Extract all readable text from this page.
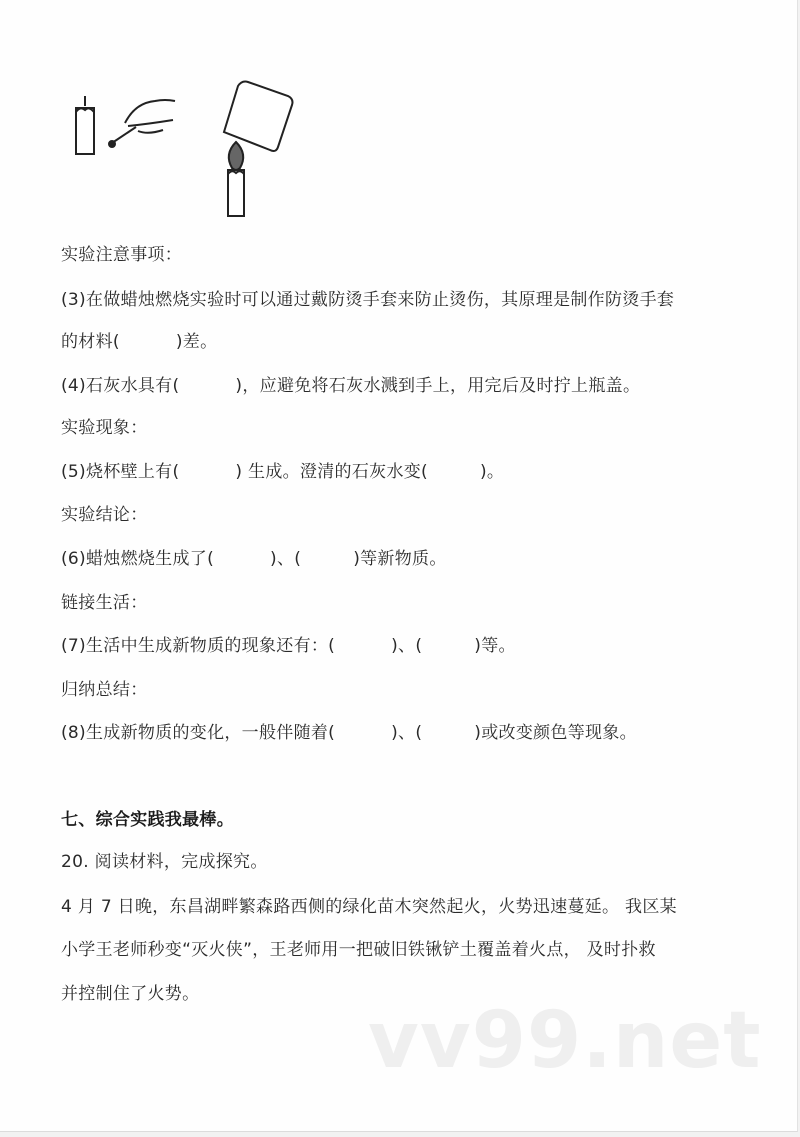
实验注意事项：
(3)在做蜡烛燃烧实验时可以通过戴防烫手套来防止烫伤，其原理是制作防烫手套
的材料(	)差。
(4)石灰水具有(	)，应避免将石灰水溅到手上，用完后及时拧上瓶盖。
实验现象：
(5)烧杯壁上有(	) 生成。澄清的石灰水变(	)。
实验结论：
(6)蜡烛燃烧生成了(	)、(	)等新物质。
链接生活：
(7)生活中生成新物质的现象还有：(	)、(	)等。
归纳总结：
(8)生成新物质的变化，一般伴随着(	)、(	)或改变颜色等现象。
七、综合实践我最棒。
20. 阅读材料，完成探究。
4 月 7 日晚，东昌湖畔繁森路西侧的绿化苗木突然起火，火势迅速蔓延。 我区某
小学王老师秒变“灭火侠”，王老师用一把破旧铁锹铲土覆盖着火点， 及时扑救
并控制住了火势。
vv99.net
